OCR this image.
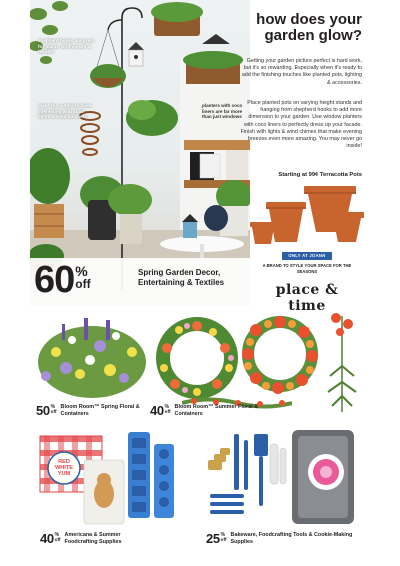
shepherd hooks are great for plants, birdhouses & feeders
make the outdoors more interesting with solar lights & wind spinners
planters with coco liners are far more than just windows
60 %
off
Spring Garden Decor, Entertaining & Textiles
how does your garden glow?
Getting your garden picture perfect is hard work, but it's so rewarding. Especially when it's ready to add the finishing touches like planted pots, lighting & accessories.
Place planted pots on varying height stands and hanging from shepherd hooks to add more dimension to your garden. Use window planters with coco liners to perfectly dress up your facade. Finish with lights & wind chimes that make evening breezes even more amazing. You may never go inside!
Starting at 99¢ Terracotta Pots
ONLY AT JOANN
A BRAND TO STYLE YOUR SPACE FOR THE SEASONS
place & time
50 %
off
Bloom Room™ Spring Floral & Containers	40 %
off
Bloom Room™ Summer Floral & Containers
RED WHITE YUM
40 %
off
Americana & Summer Foodcrafting Supplies	25 %
off
Bakeware, Foodcrafting Tools & Cookie-Making Supplies
